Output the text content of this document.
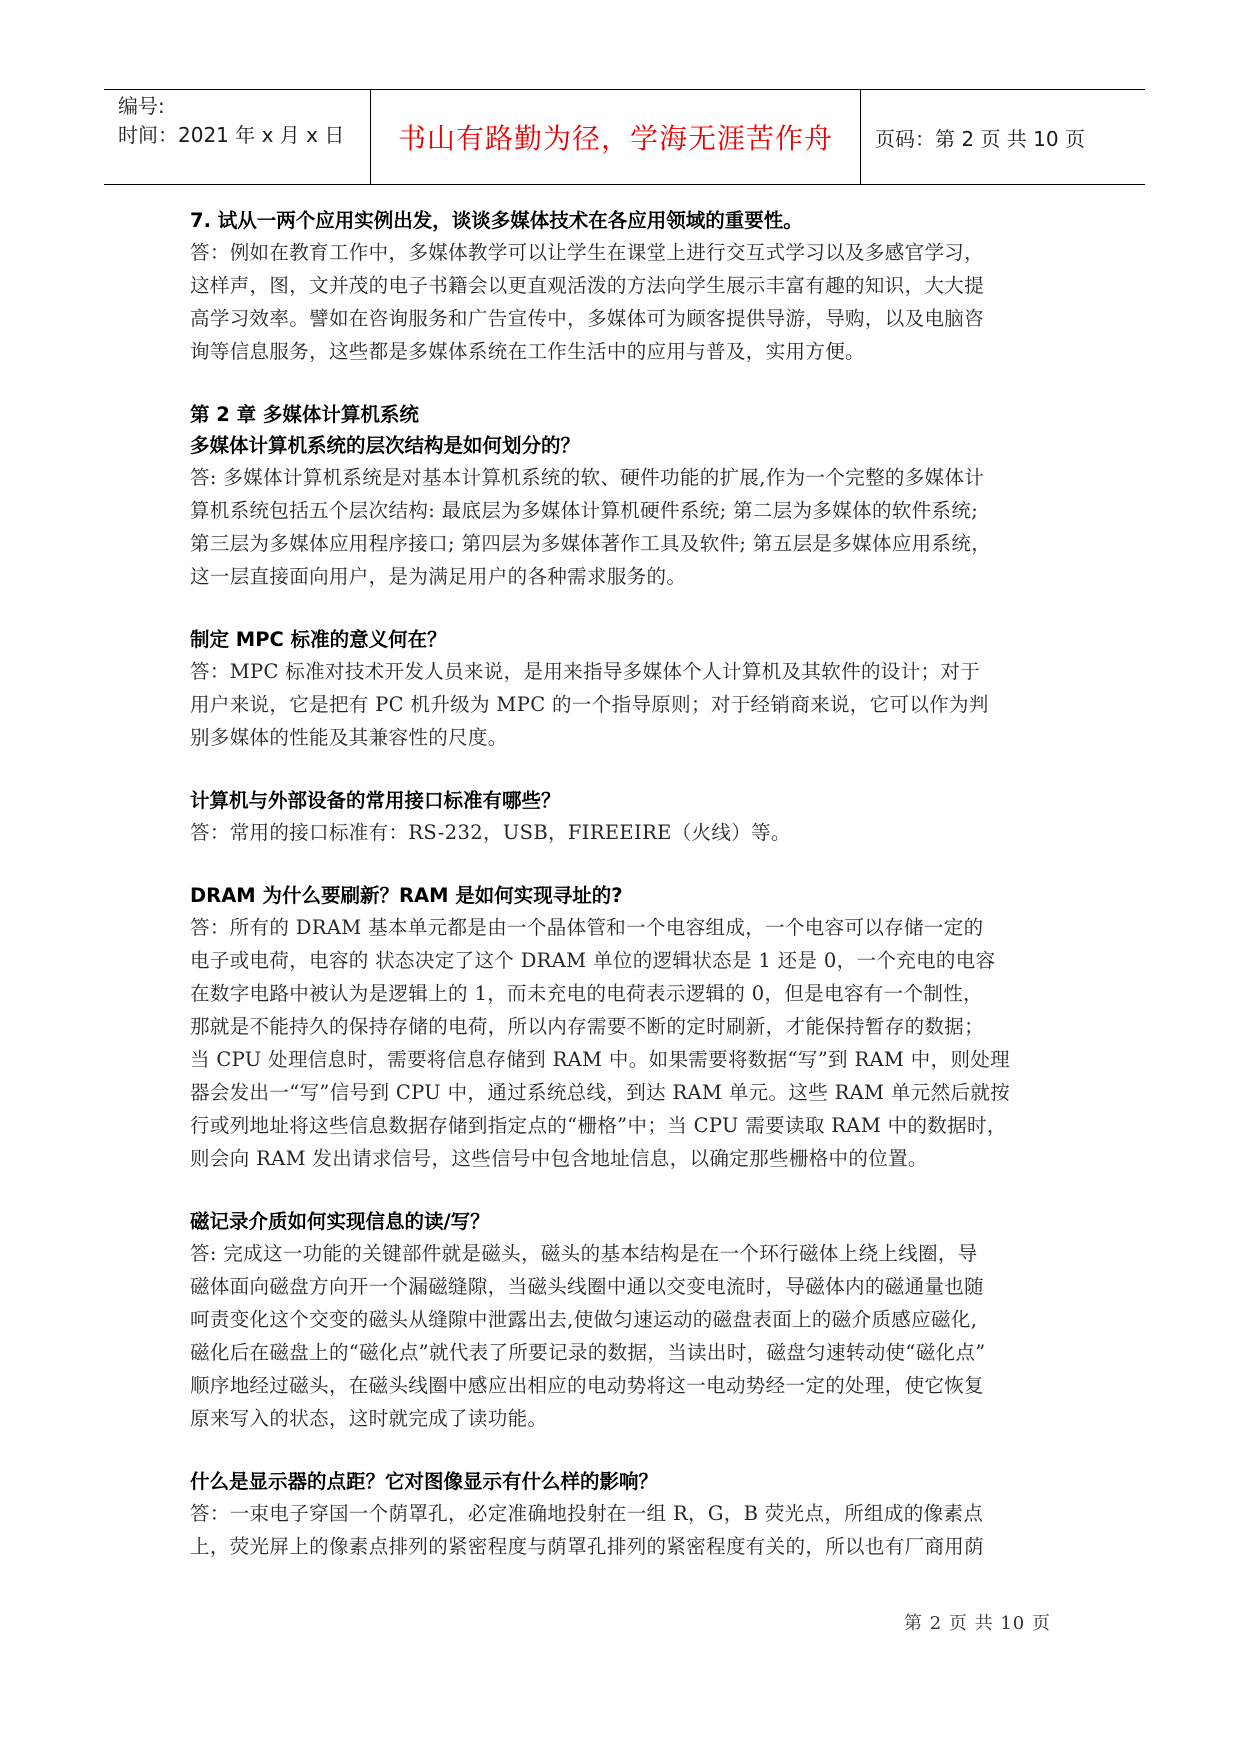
编号:
时间：2021 年 x 月 x 日	书山有路勤为径，学海无涯苦作舟	页码：第 2 页 共 10 页
7. 试从一两个应用实例出发，谈谈多媒体技术在各应用领域的重要性。
答：例如在教育工作中，多媒体教学可以让学生在课堂上进行交互式学习以及多感官学习，
这样声，图，文并茂的电子书籍会以更直观活泼的方法向学生展示丰富有趣的知识，大大提
高学习效率。譬如在咨询服务和广告宣传中，多媒体可为顾客提供导游，导购，以及电脑咨
询等信息服务，这些都是多媒体系统在工作生活中的应用与普及，实用方便。
第 2 章 多媒体计算机系统
多媒体计算机系统的层次结构是如何划分的？
答: 多媒体计算机系统是对基本计算机系统的软、硬件功能的扩展,作为一个完整的多媒体计
算机系统包括五个层次结构: 最底层为多媒体计算机硬件系统; 第二层为多媒体的软件系统;
第三层为多媒体应用程序接口; 第四层为多媒体著作工具及软件; 第五层是多媒体应用系统，
这一层直接面向用户，是为满足用户的各种需求服务的。
制定 MPC 标准的意义何在？
答：MPC 标准对技术开发人员来说，是用来指导多媒体个人计算机及其软件的设计；对于
用户来说，它是把有 PC 机升级为 MPC 的一个指导原则；对于经销商来说，它可以作为判
别多媒体的性能及其兼容性的尺度。
计算机与外部设备的常用接口标准有哪些？
答：常用的接口标准有：RS-232，USB，FIREEIRE（火线）等。
DRAM 为什么要刷新？RAM 是如何实现寻址的?
答：所有的 DRAM 基本单元都是由一个晶体管和一个电容组成，一个电容可以存储一定的
电子或电荷，电容的 状态决定了这个 DRAM 单位的逻辑状态是 1 还是 0，一个充电的电容
在数字电路中被认为是逻辑上的 1，而未充电的电荷表示逻辑的 0，但是电容有一个制性，
那就是不能持久的保持存储的电荷，所以内存需要不断的定时刷新，才能保持暂存的数据；
当 CPU 处理信息时，需要将信息存储到 RAM 中。如果需要将数据“写”到 RAM 中，则处理
器会发出一“写”信号到 CPU 中，通过系统总线，到达 RAM 单元。这些 RAM 单元然后就按
行或列地址将这些信息数据存储到指定点的“栅格”中；当 CPU 需要读取 RAM 中的数据时，
则会向 RAM 发出请求信号，这些信号中包含地址信息，以确定那些栅格中的位置。
磁记录介质如何实现信息的读/写？
答: 完成这一功能的关键部件就是磁头，磁头的基本结构是在一个环行磁体上绕上线圈，导
磁体面向磁盘方向开一个漏磁缝隙，当磁头线圈中通以交变电流时，导磁体内的磁通量也随
呵责变化这个交变的磁头从缝隙中泄露出去,使做匀速运动的磁盘表面上的磁介质感应磁化,
磁化后在磁盘上的“磁化点”就代表了所要记录的数据，当读出时，磁盘匀速转动使“磁化点”
顺序地经过磁头，在磁头线圈中感应出相应的电动势将这一电动势经一定的处理，使它恢复
原来写入的状态，这时就完成了读功能。
什么是显示器的点距？它对图像显示有什么样的影响？
答：一束电子穿国一个荫罩孔，必定准确地投射在一组 R，G，B 荧光点，所组成的像素点
上，荧光屏上的像素点排列的紧密程度与荫罩孔排列的紧密程度有关的，所以也有厂商用荫
第 2 页 共 10 页
